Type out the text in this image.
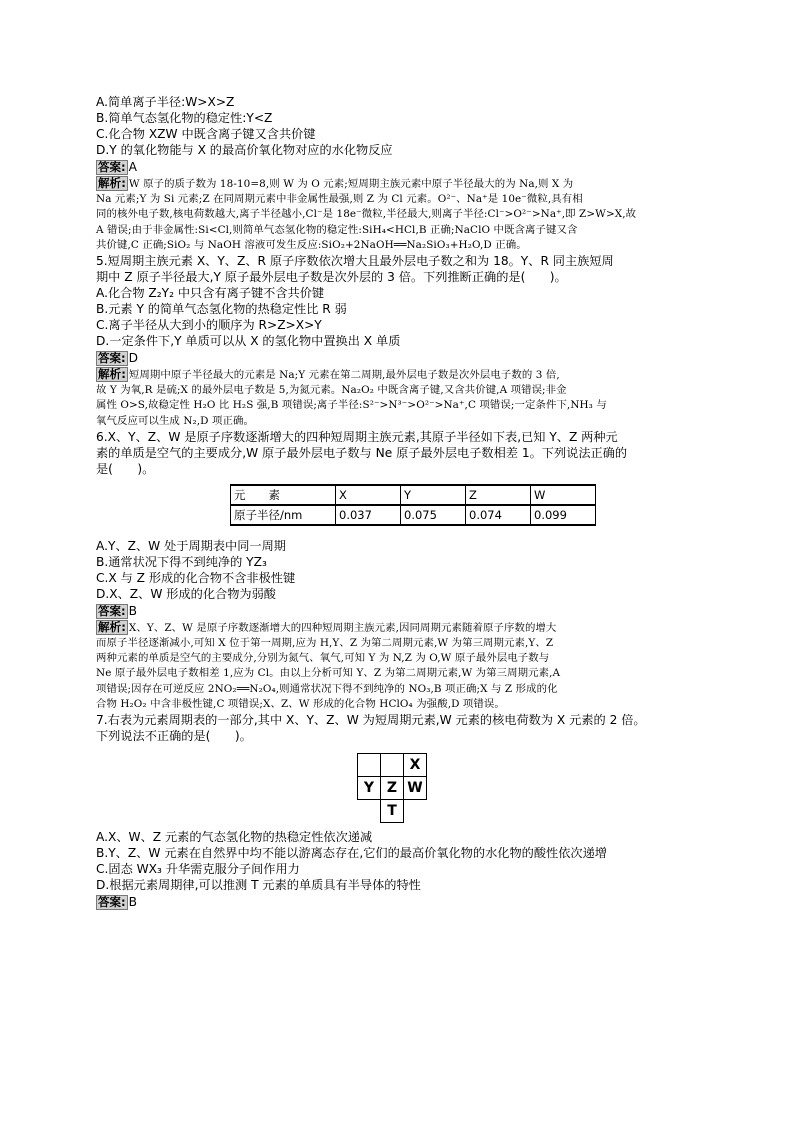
A.简单离子半径:W>X>Z
B.简单气态氢化物的稳定性:Y<Z
C.化合物 XZW 中既含离子键又含共价键
D.Y 的氧化物能与 X 的最高价氧化物对应的水化物反应
答案: A
解析: W 原子的质子数为 18-10=8,则 W 为 O 元素;短周期主族元素中原子半径最大的为 Na,则 X 为
Na 元素;Y 为 Si 元素;Z 在同周期元素中非金属性最强,则 Z 为 Cl 元素。O²⁻、Na⁺是 10e⁻微粒,具有相
同的核外电子数,核电荷数越大,离子半径越小,Cl⁻是 18e⁻微粒,半径最大,则离子半径:Cl⁻>O²⁻>Na⁺,即 Z>W>X,故
A 错误;由于非金属性:Si<Cl,则简单气态氢化物的稳定性:SiH₄<HCl,B 正确;NaClO 中既含离子键又含
共价键,C 正确;SiO₂ 与 NaOH 溶液可发生反应:SiO₂+2NaOH══Na₂SiO₃+H₂O,D 正确。
5.短周期主族元素 X、Y、Z、R 原子序数依次增大且最外层电子数之和为 18。Y、R 同主族短周
期中 Z 原子半径最大,Y 原子最外层电子数是次外层的 3 倍。下列推断正确的是(　　)。
A.化合物 Z₂Y₂ 中只含有离子键不含共价键
B.元素 Y 的简单气态氢化物的热稳定性比 R 弱
C.离子半径从大到小的顺序为 R>Z>X>Y
D.一定条件下,Y 单质可以从 X 的氢化物中置换出 X 单质
答案: D
解析: 短周期中原子半径最大的元素是 Na;Y 元素在第二周期,最外层电子数是次外层电子数的 3 倍,
故 Y 为氧,R 是硫;X 的最外层电子数是 5,为氮元素。Na₂O₂ 中既含离子键,又含共价键,A 项错误;非金
属性 O>S,故稳定性 H₂O 比 H₂S 强,B 项错误;离子半径:S²⁻>N³⁻>O²⁻>Na⁺,C 项错误;一定条件下,NH₃ 与
氧气反应可以生成 N₂,D 项正确。
6.X、Y、Z、W 是原子序数逐渐增大的四种短周期主族元素,其原子半径如下表,已知 Y、Z 两种元
素的单质是空气的主要成分,W 原子最外层电子数与 Ne 原子最外层电子数相差 1。下列说法正确的
是(　　)。
元　　素	X	Y	Z	W
原子半径/nm	0.037	0.075	0.074	0.099
A.Y、Z、W 处于周期表中同一周期
B.通常状况下得不到纯净的 YZ₃
C.X 与 Z 形成的化合物不含非极性键
D.X、Z、W 形成的化合物为弱酸
答案: B
解析: X、Y、Z、W 是原子序数逐渐增大的四种短周期主族元素,因同周期元素随着原子序数的增大
而原子半径逐渐减小,可知 X 位于第一周期,应为 H,Y、Z 为第二周期元素,W 为第三周期元素,Y、Z
两种元素的单质是空气的主要成分,分别为氮气、氧气,可知 Y 为 N,Z 为 O,W 原子最外层电子数与
Ne 原子最外层电子数相差 1,应为 Cl。由以上分析可知 Y、Z 为第二周期元素,W 为第三周期元素,A
项错误;因存在可逆反应 2NO₂══N₂O₄,则通常状况下得不到纯净的 NO₃,B 项正确;X 与 Z 形成的化
合物 H₂O₂ 中含非极性键,C 项错误;X、Z、W 形成的化合物 HClO₄ 为强酸,D 项错误。
7.右表为元素周期表的一部分,其中 X、Y、Z、W 为短周期元素,W 元素的核电荷数为 X 元素的 2 倍。
下列说法不正确的是(　　)。
		X
Y	Z	W
	T	
A.X、W、Z 元素的气态氢化物的热稳定性依次递减
B.Y、Z、W 元素在自然界中均不能以游离态存在,它们的最高价氧化物的水化物的酸性依次递增
C.固态 WX₃ 升华需克服分子间作用力
D.根据元素周期律,可以推测 T 元素的单质具有半导体的特性
答案: B
